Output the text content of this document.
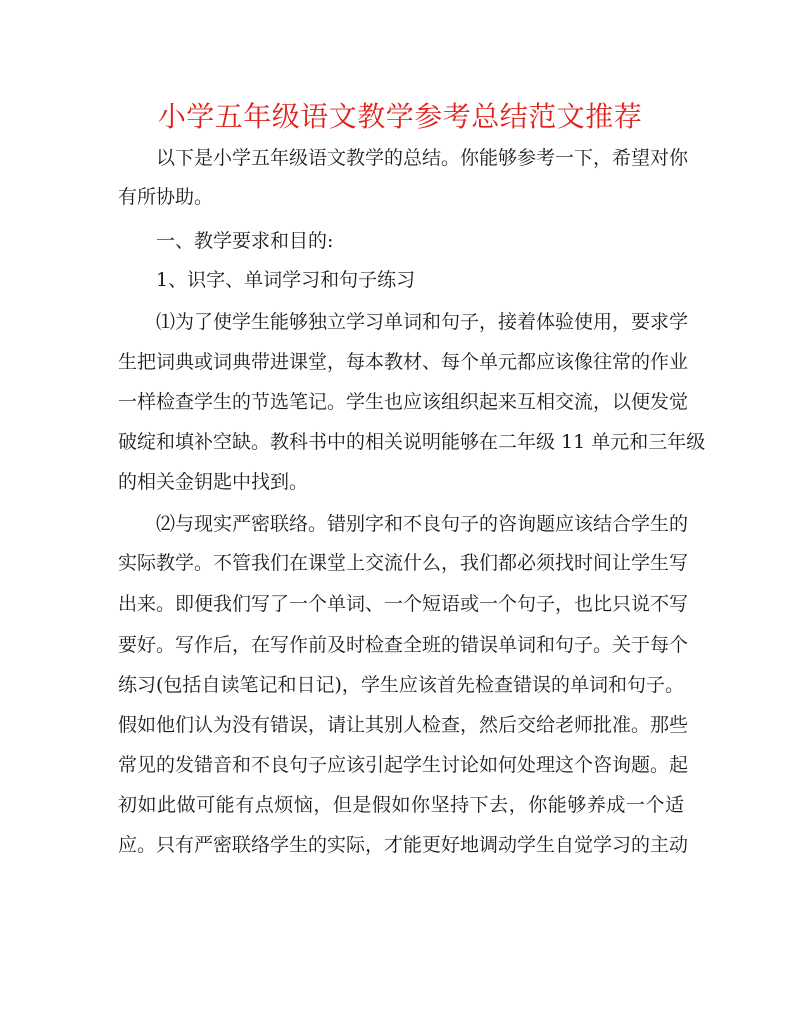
小学五年级语文教学参考总结范文推荐
以下是小学五年级语文教学的总结。你能够参考一下，希望对你
有所协助。
一、教学要求和目的:
1、识字、单词学习和句子练习
⑴为了使学生能够独立学习单词和句子，接着体验使用，要求学
生把词典或词典带进课堂，每本教材、每个单元都应该像往常的作业
一样检查学生的节选笔记。学生也应该组织起来互相交流，以便发觉
破绽和填补空缺。教科书中的相关说明能够在二年级 11 单元和三年级
的相关金钥匙中找到。
⑵与现实严密联络。错别字和不良句子的咨询题应该结合学生的
实际教学。不管我们在课堂上交流什么，我们都必须找时间让学生写
出来。即便我们写了一个单词、一个短语或一个句子，也比只说不写
要好。写作后，在写作前及时检查全班的错误单词和句子。关于每个
练习(包括自读笔记和日记)，学生应该首先检查错误的单词和句子。
假如他们认为没有错误，请让其别人检查，然后交给老师批准。那些
常见的发错音和不良句子应该引起学生讨论如何处理这个咨询题。起
初如此做可能有点烦恼，但是假如你坚持下去，你能够养成一个适
应。只有严密联络学生的实际，才能更好地调动学生自觉学习的主动
